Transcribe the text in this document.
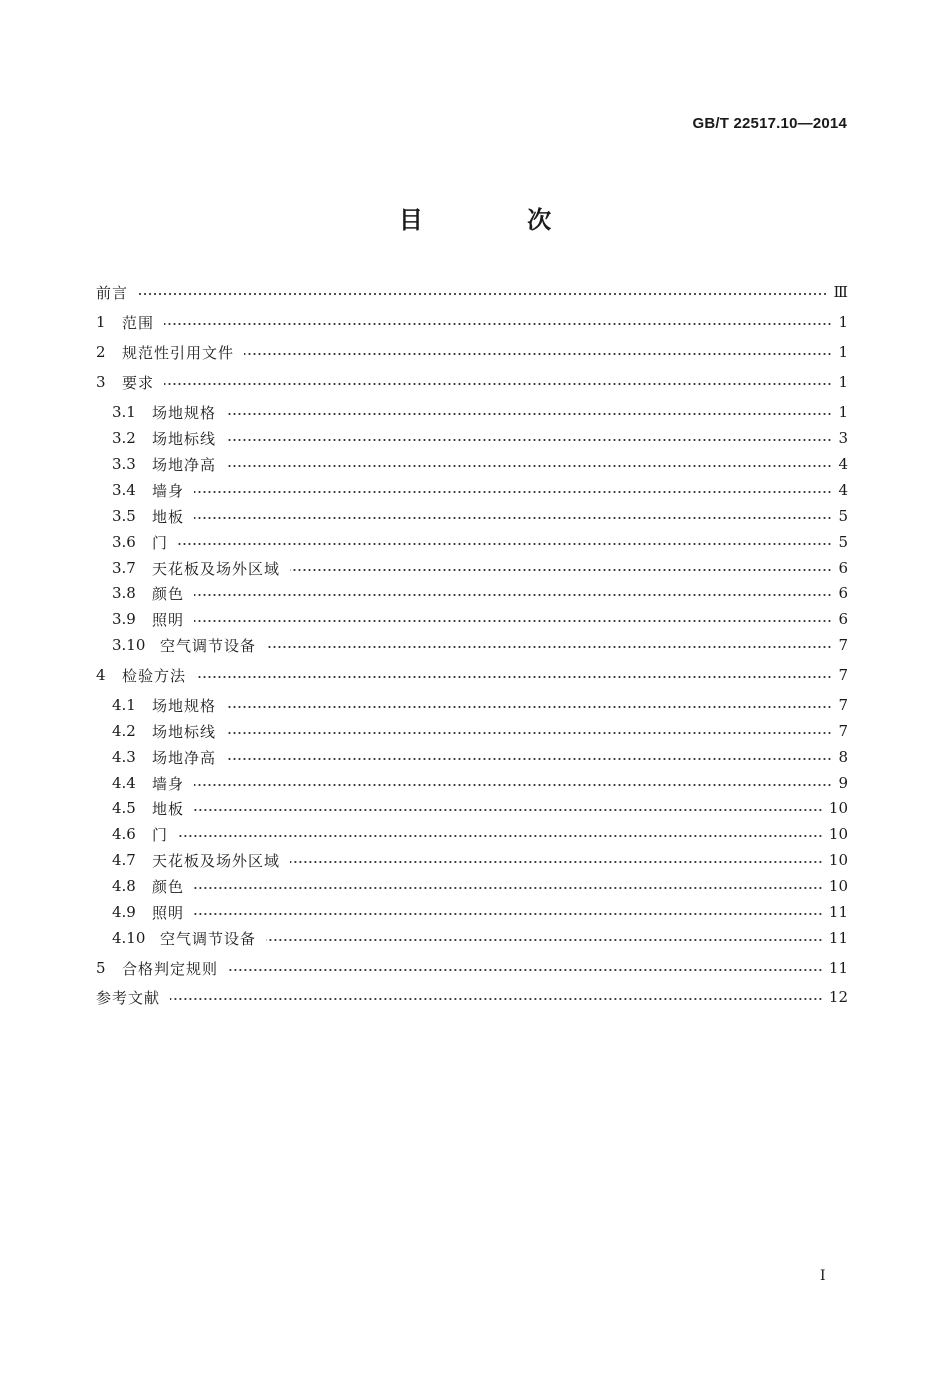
GB/T 22517.10—2014
目 次
前言	Ⅲ
1	范围	1
2	规范性引用文件	1
3	要求	1
3.1	场地规格	1
3.2	场地标线	3
3.3	场地净高	4
3.4	墙身	4
3.5	地板	5
3.6	门	5
3.7	天花板及场外区域	6
3.8	颜色	6
3.9	照明	6
3.10 空气调节设备	7
4	检验方法	7
4.1	场地规格	7
4.2	场地标线	7
4.3	场地净高	8
4.4	墙身	9
4.5	地板	10
4.6	门	10
4.7	天花板及场外区域	10
4.8	颜色	10
4.9	照明	11
4.10 空气调节设备	11
5	合格判定规则	11
参考文献	12
I
